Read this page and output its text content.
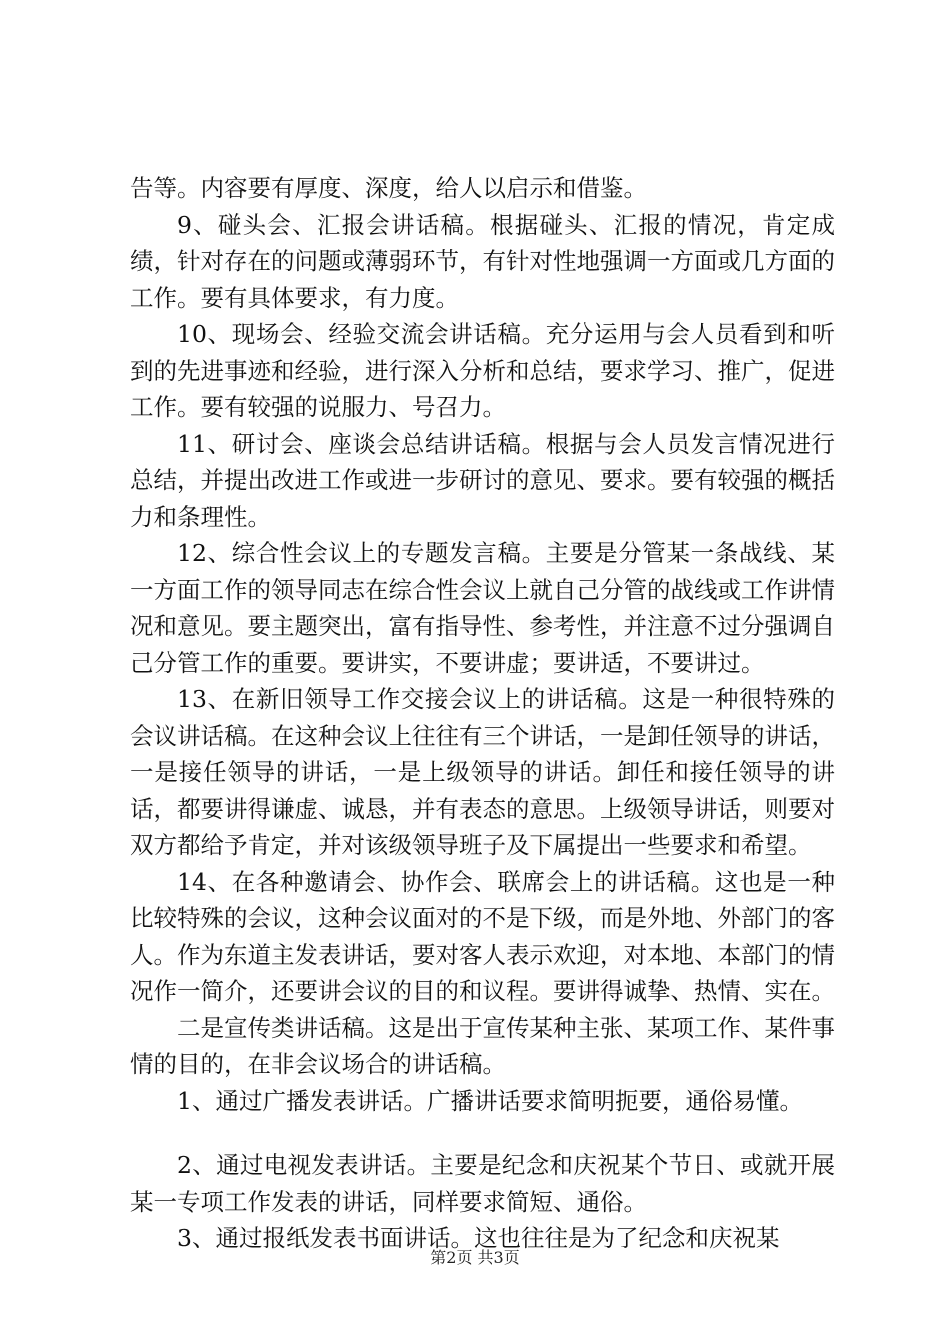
告等。内容要有厚度、深度，给人以启示和借鉴。

9、碰头会、汇报会讲话稿。根据碰头、汇报的情况，肯定成绩，针对存在的问题或薄弱环节，有针对性地强调一方面或几方面的工作。要有具体要求，有力度。

10、现场会、经验交流会讲话稿。充分运用与会人员看到和听到的先进事迹和经验，进行深入分析和总结，要求学习、推广，促进工作。要有较强的说服力、号召力。

11、研讨会、座谈会总结讲话稿。根据与会人员发言情况进行总结，并提出改进工作或进一步研讨的意见、要求。要有较强的概括力和条理性。

12、综合性会议上的专题发言稿。主要是分管某一条战线、某一方面工作的领导同志在综合性会议上就自己分管的战线或工作讲情况和意见。要主题突出，富有指导性、参考性，并注意不过分强调自己分管工作的重要。要讲实，不要讲虚；要讲适，不要讲过。

13、在新旧领导工作交接会议上的讲话稿。这是一种很特殊的会议讲话稿。在这种会议上往往有三个讲话，一是卸任领导的讲话，一是接任领导的讲话，一是上级领导的讲话。卸任和接任领导的讲话，都要讲得谦虚、诚恳，并有表态的意思。上级领导讲话，则要对双方都给予肯定，并对该级领导班子及下属提出一些要求和希望。

14、在各种邀请会、协作会、联席会上的讲话稿。这也是一种比较特殊的会议，这种会议面对的不是下级，而是外地、外部门的客人。作为东道主发表讲话，要对客人表示欢迎，对本地、本部门的情况作一简介，还要讲会议的目的和议程。要讲得诚挚、热情、实在。

二是宣传类讲话稿。这是出于宣传某种主张、某项工作、某件事情的目的，在非会议场合的讲话稿。

1、通过广播发表讲话。广播讲话要求简明扼要，通俗易懂。

2、通过电视发表讲话。主要是纪念和庆祝某个节日、或就开展某一专项工作发表的讲话，同样要求简短、通俗。

3、通过报纸发表书面讲话。这也往往是为了纪念和庆祝某

第2页 共3页
